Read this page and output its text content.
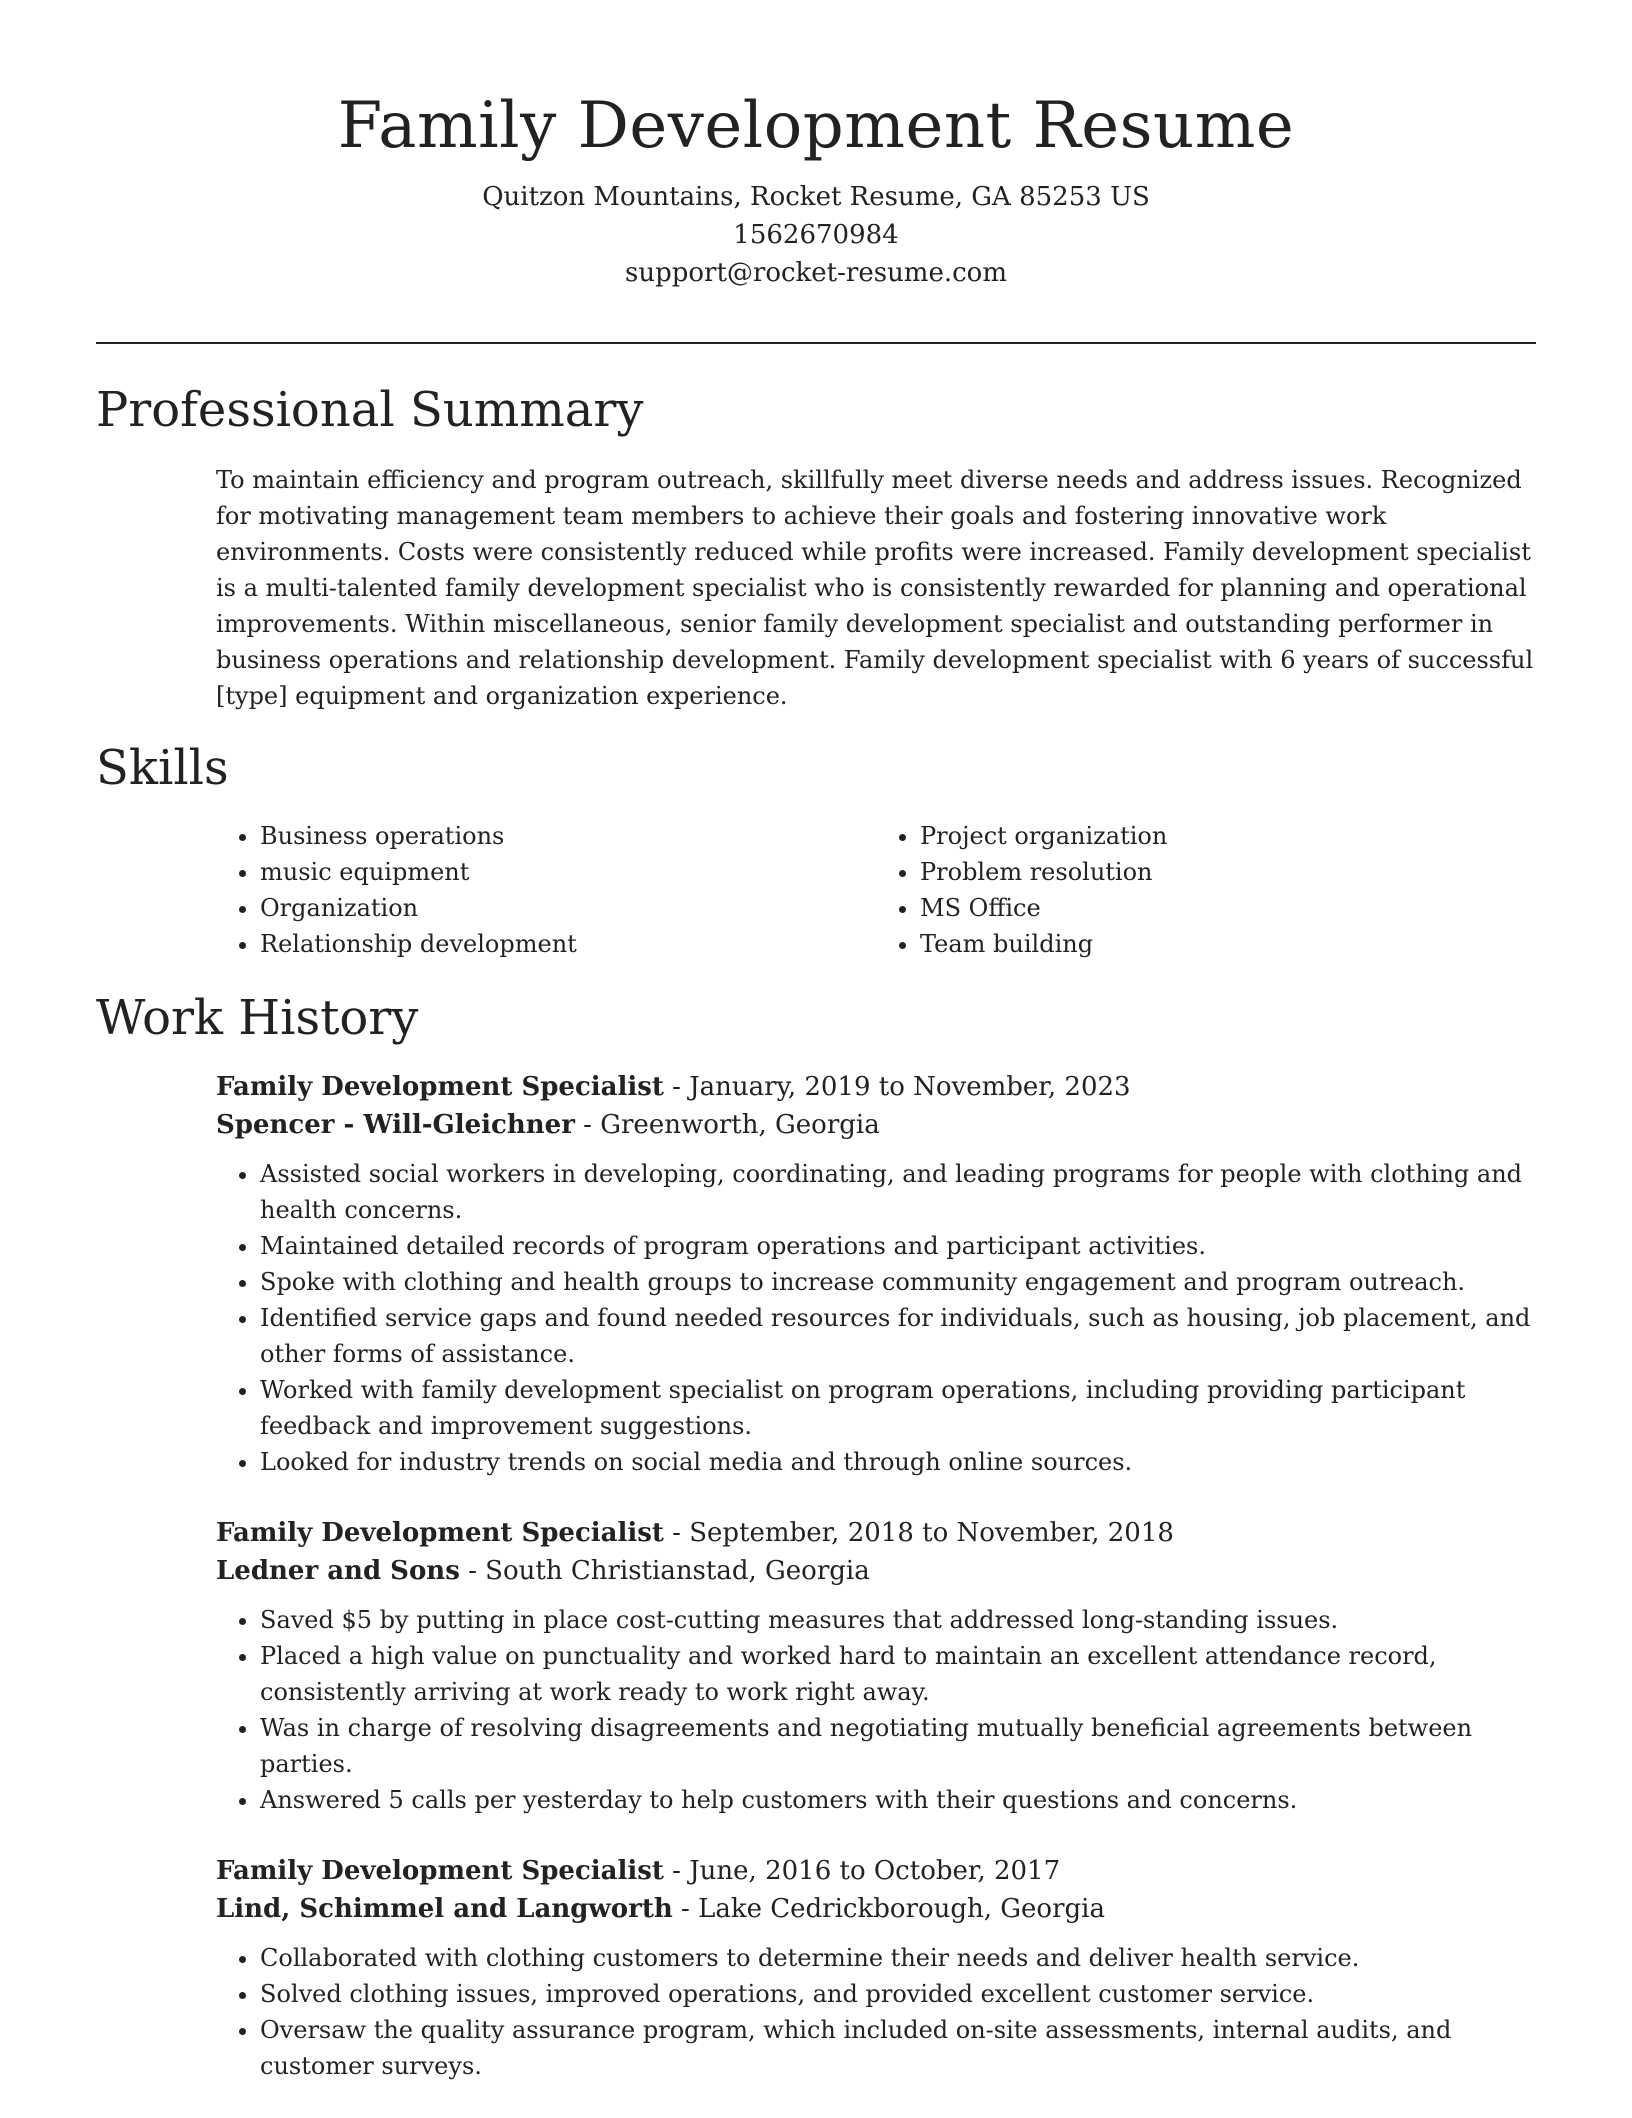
Family Development Resume
Quitzon Mountains, Rocket Resume, GA 85253 US
1562670984
support@rocket-resume.com
Professional Summary

To maintain efficiency and program outreach, skillfully meet diverse needs and address issues. Recognized for motivating management team members to achieve their goals and fostering innovative work environments. Costs were consistently reduced while profits were increased. Family development specialist is a multi-talented family development specialist who is consistently rewarded for planning and operational improvements. Within miscellaneous, senior family development specialist and outstanding performer in business operations and relationship development. Family development specialist with 6 years of successful [type] equipment and organization experience.

Skills
• Business operations
• music equipment
• Organization
• Relationship development
• Project organization
• Problem resolution
• MS Office
• Team building
Work History
Family Development Specialist - January, 2019 to November, 2023
Spencer - Will-Gleichner - Greenworth, Georgia
• Assisted social workers in developing, coordinating, and leading programs for people with clothing and health concerns.
• Maintained detailed records of program operations and participant activities.
• Spoke with clothing and health groups to increase community engagement and program outreach.
• Identified service gaps and found needed resources for individuals, such as housing, job placement, and other forms of assistance.
• Worked with family development specialist on program operations, including providing participant feedback and improvement suggestions.
• Looked for industry trends on social media and through online sources.
Family Development Specialist - September, 2018 to November, 2018
Ledner and Sons - South Christianstad, Georgia
• Saved $5 by putting in place cost-cutting measures that addressed long-standing issues.
• Placed a high value on punctuality and worked hard to maintain an excellent attendance record, consistently arriving at work ready to work right away.
• Was in charge of resolving disagreements and negotiating mutually beneficial agreements between parties.
• Answered 5 calls per yesterday to help customers with their questions and concerns.
Family Development Specialist - June, 2016 to October, 2017
Lind, Schimmel and Langworth - Lake Cedrickborough, Georgia
• Collaborated with clothing customers to determine their needs and deliver health service.
• Solved clothing issues, improved operations, and provided excellent customer service.
• Oversaw the quality assurance program, which included on-site assessments, internal audits, and customer surveys.
